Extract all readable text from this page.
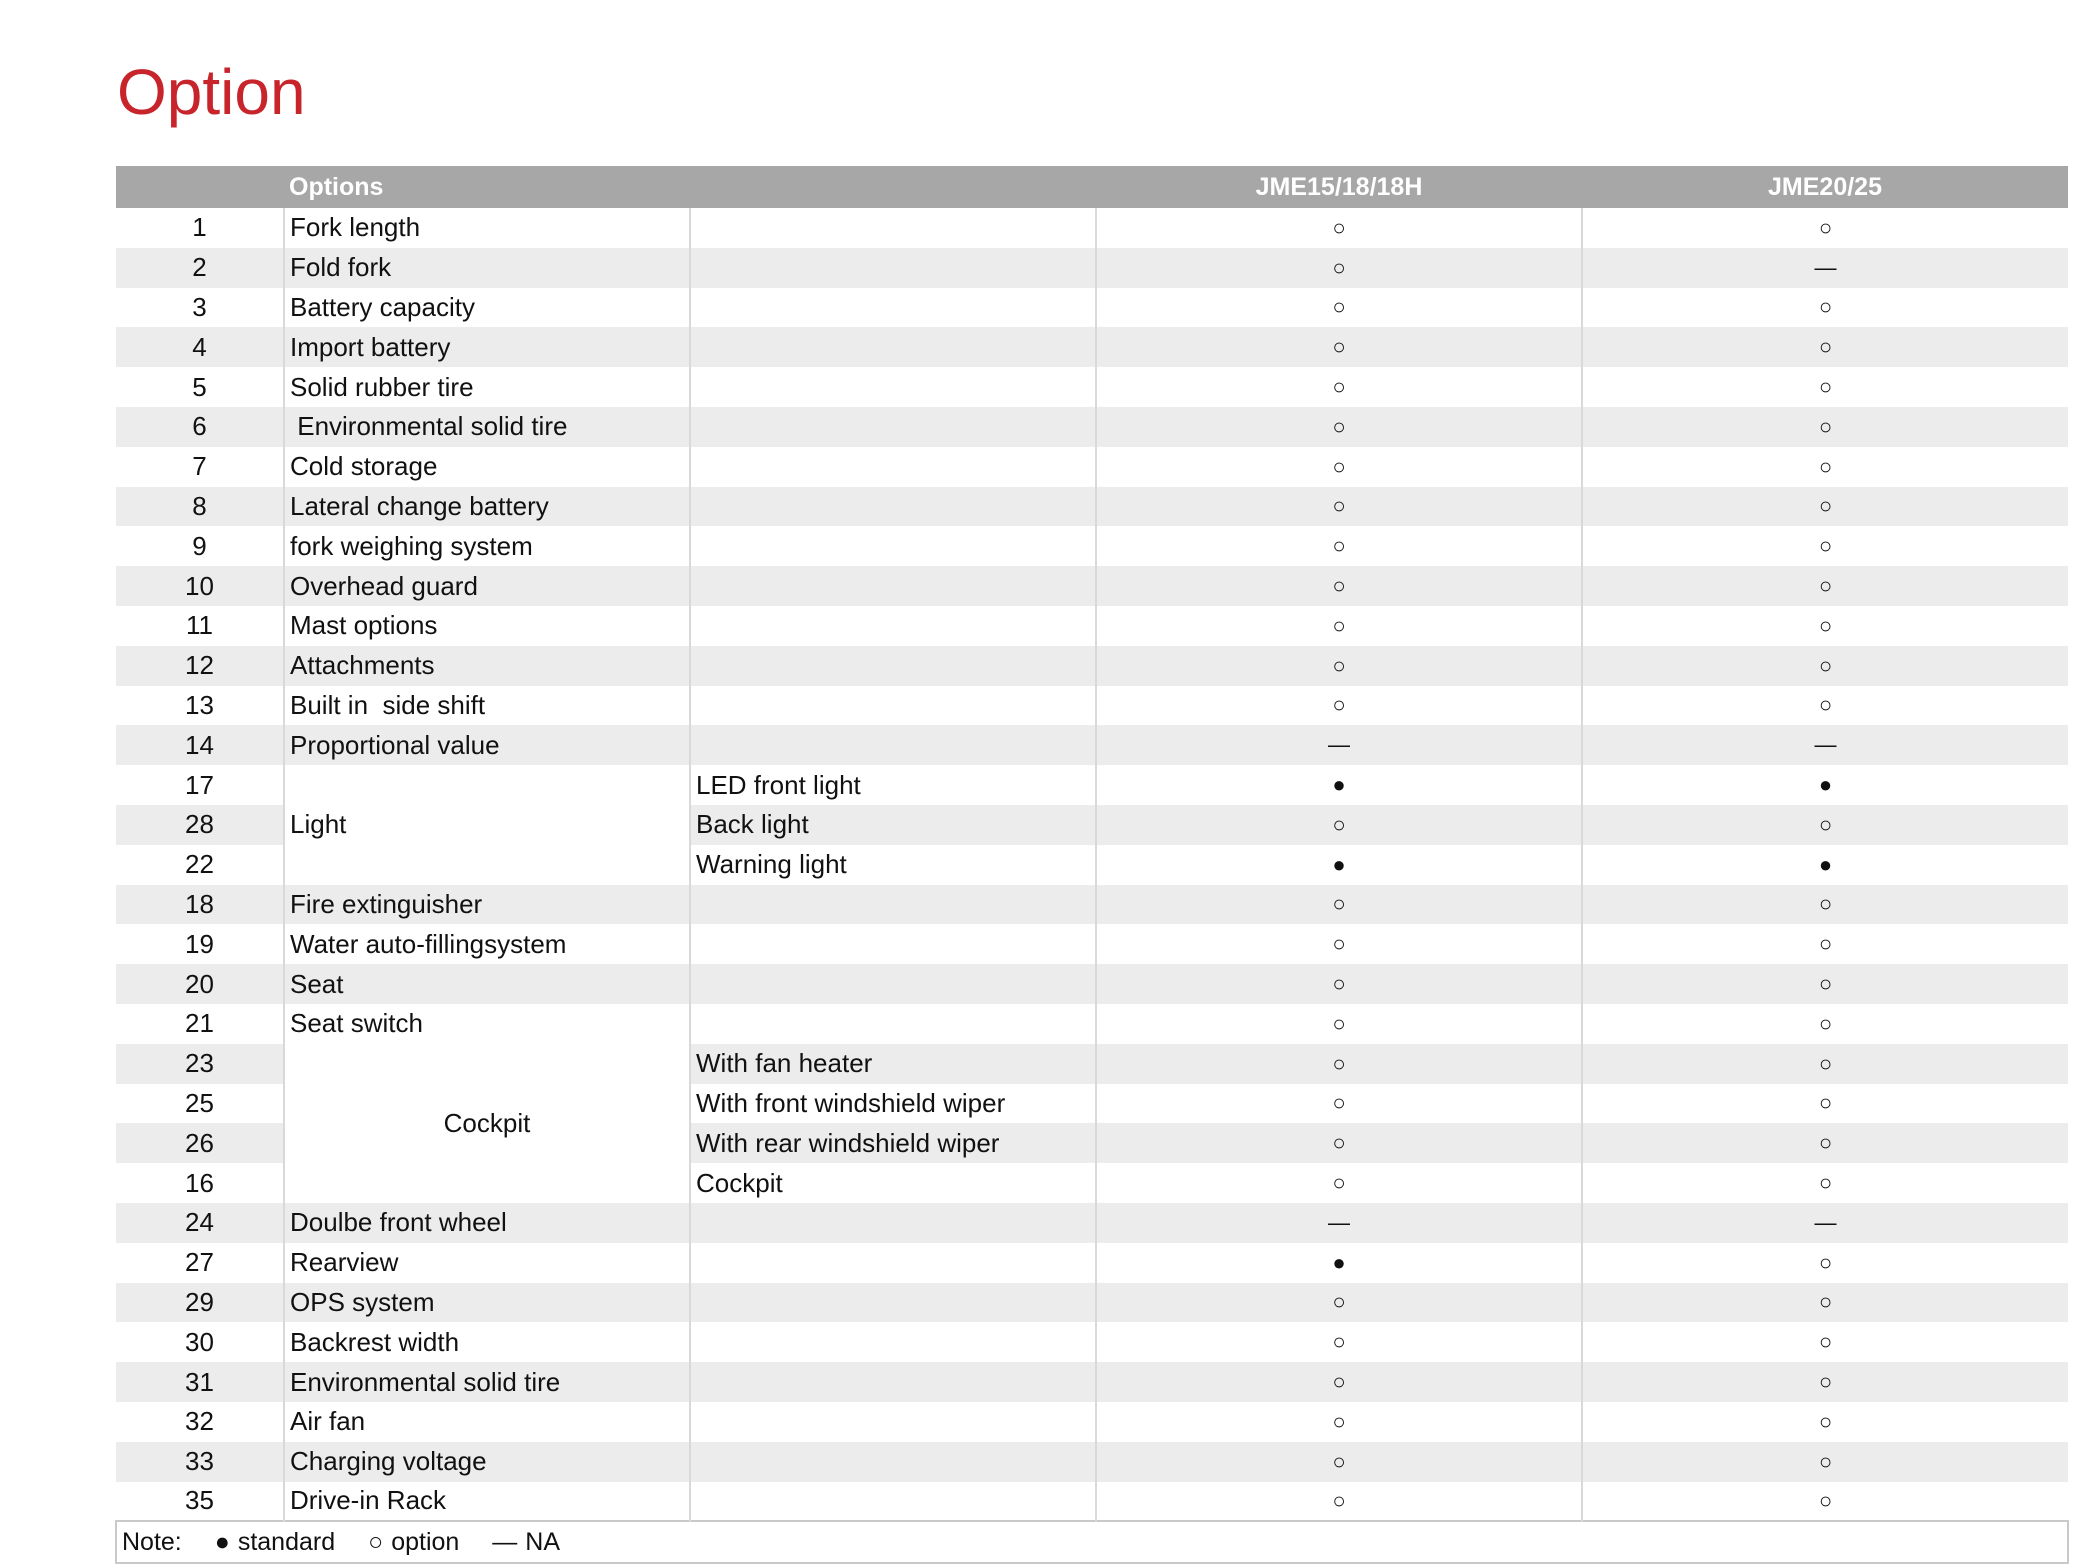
Option
	Options		JME15/18/18H	JME20/25
1	Fork length		○	○
2	Fold fork		○	—
3	Battery capacity		○	○
4	Import battery		○	○
5	Solid rubber tire		○	○
6	Environmental solid tire		○	○
7	Cold storage		○	○
8	Lateral change battery		○	○
9	fork weighing system		○	○
10	Overhead guard		○	○
11	Mast options		○	○
12	Attachments		○	○
13	Built in  side shift		○	○
14	Proportional value		—	—
17	Light	LED front light	●	●
28		Back light	○	○
22		Warning light	●	●
18	Fire extinguisher		○	○
19	Water auto-fillingsystem		○	○
20	Seat		○	○
21	Seat switch		○	○
23	Cockpit	With fan heater	○	○
25		With front windshield wiper	○	○
26		With rear windshield wiper	○	○
16		Cockpit	○	○
24	Doulbe front wheel		—	—
27	Rearview		●	○
29	OPS system		○	○
30	Backrest width		○	○
31	Environmental solid tire		○	○
32	Air fan		○	○
33	Charging voltage		○	○
35	Drive-in Rack		○	○
Note: ● standard ○ option — NA				
